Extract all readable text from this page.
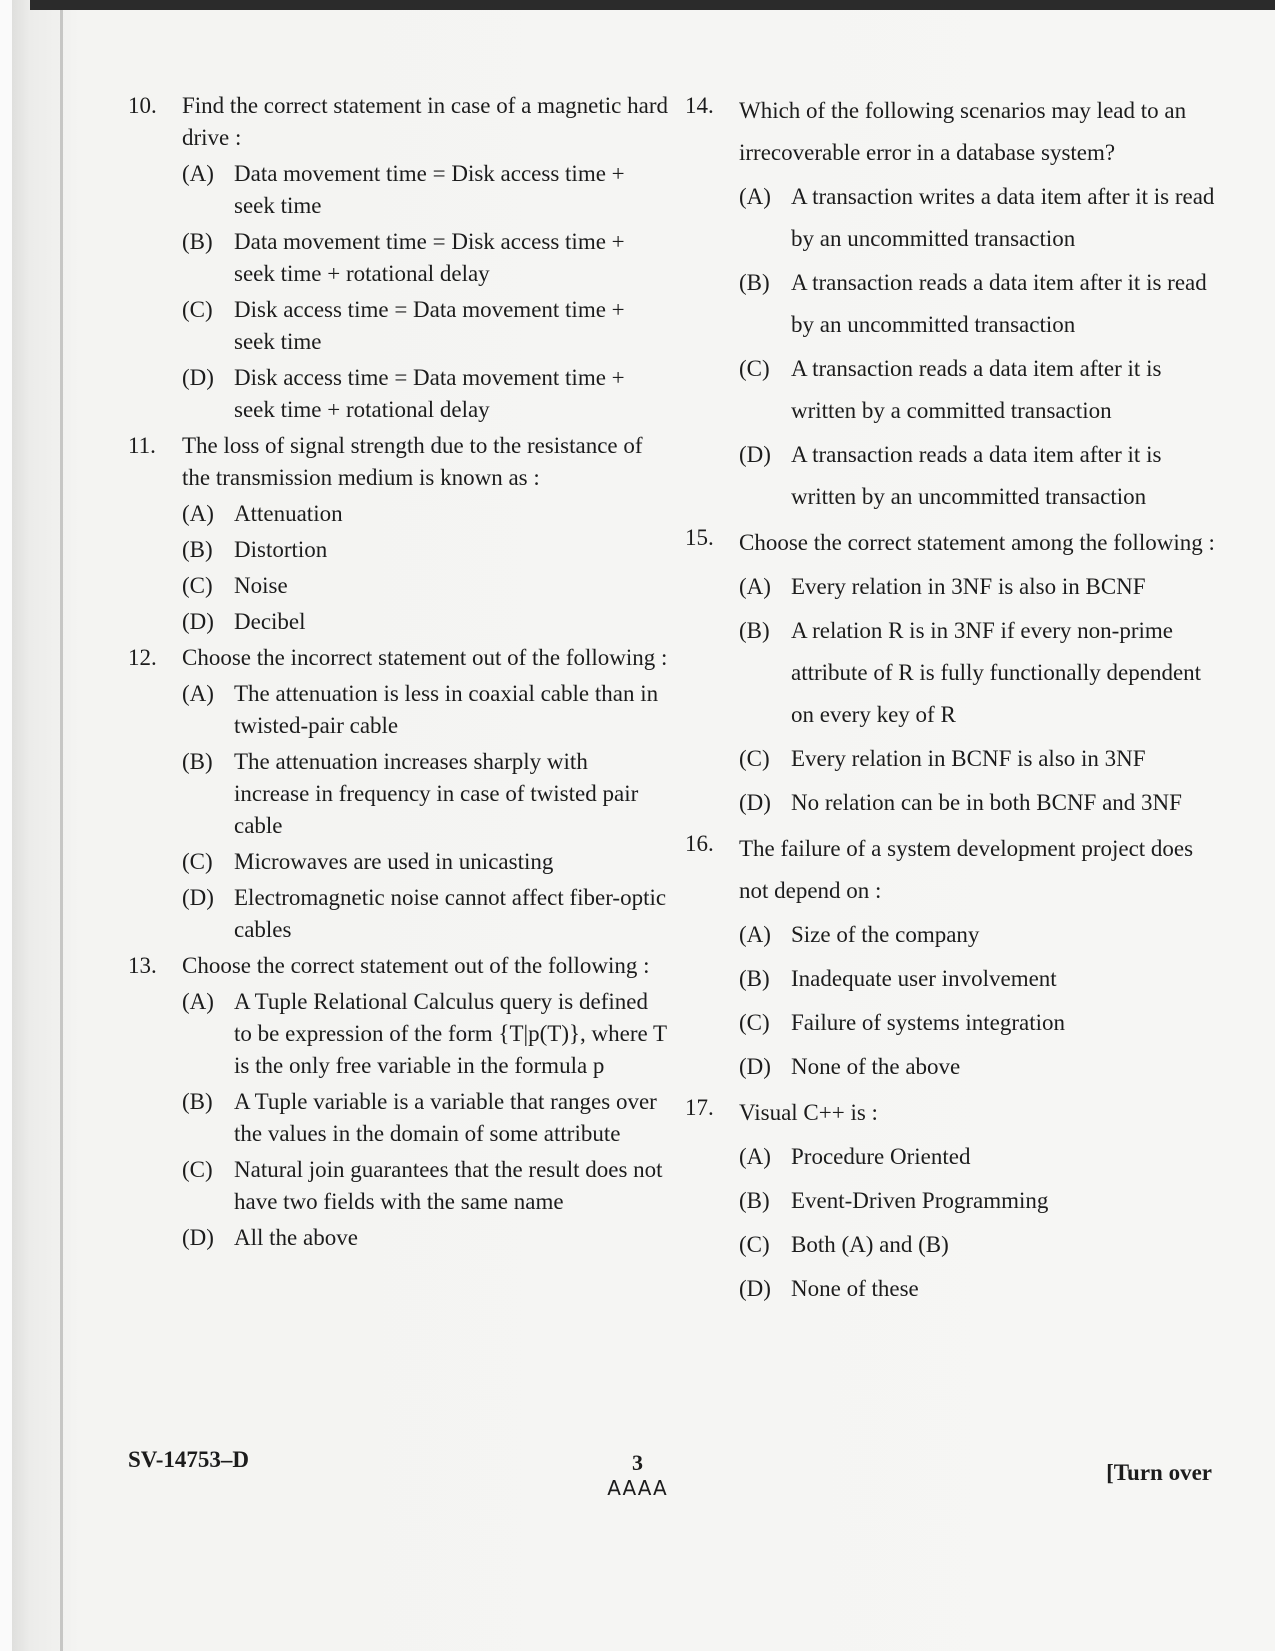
10. Find the correct statement in case of a magnetic hard drive :
(A) Data movement time = Disk access time + seek time
(B) Data movement time = Disk access time + seek time + rotational delay
(C) Disk access time = Data movement time + seek time
(D) Disk access time = Data movement time + seek time + rotational delay
11. The loss of signal strength due to the resistance of the transmission medium is known as :
(A) Attenuation
(B) Distortion
(C) Noise
(D) Decibel
12. Choose the incorrect statement out of the following :
(A) The attenuation is less in coaxial cable than in twisted-pair cable
(B) The attenuation increases sharply with increase in frequency in case of twisted pair cable
(C) Microwaves are used in unicasting
(D) Electromagnetic noise cannot affect fiber-optic cables
13. Choose the correct statement out of the following :
(A) A Tuple Relational Calculus query is defined to be expression of the form {T|p(T)}, where T is the only free variable in the formula p
(B) A Tuple variable is a variable that ranges over the values in the domain of some attribute
(C) Natural join guarantees that the result does not have two fields with the same name
(D) All the above
14. Which of the following scenarios may lead to an irrecoverable error in a database system?
(A) A transaction writes a data item after it is read by an uncommitted transaction
(B) A transaction reads a data item after it is read by an uncommitted transaction
(C) A transaction reads a data item after it is written by a committed transaction
(D) A transaction reads a data item after it is written by an uncommitted transaction
15. Choose the correct statement among the following :
(A) Every relation in 3NF is also in BCNF
(B) A relation R is in 3NF if every non-prime attribute of R is fully functionally dependent on every key of R
(C) Every relation in BCNF is also in 3NF
(D) No relation can be in both BCNF and 3NF
16. The failure of a system development project does not depend on :
(A) Size of the company
(B) Inadequate user involvement
(C) Failure of systems integration
(D) None of the above
17. Visual C++ is :
(A) Procedure Oriented
(B) Event-Driven Programming
(C) Both (A) and (B)
(D) None of these
SV-14753–D	3
AAAA
[Turn over
